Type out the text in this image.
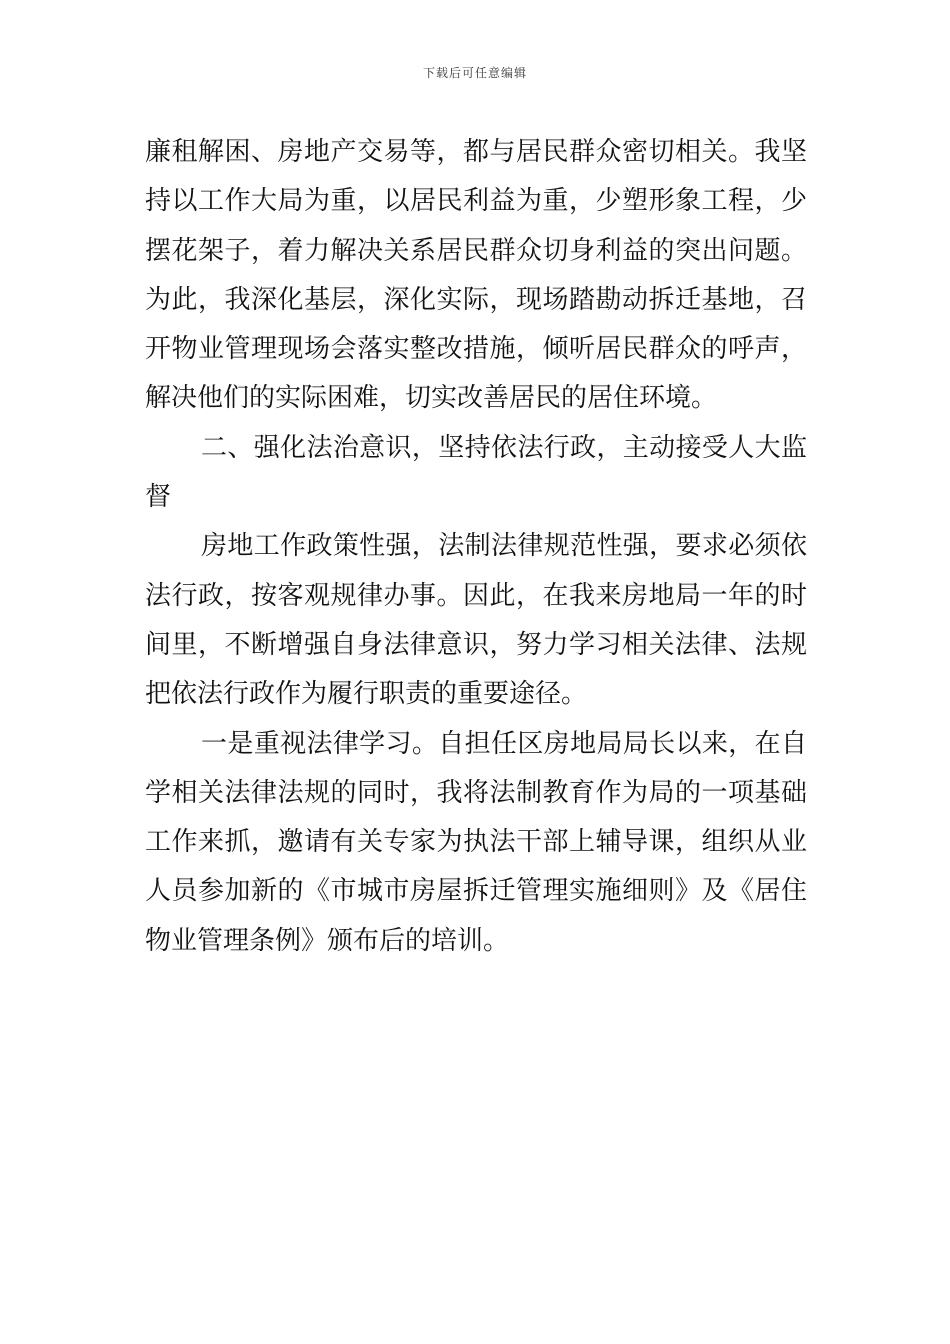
下载后可任意编辑
廉租解困、房地产交易等，都与居民群众密切相关。我坚
持以工作大局为重，以居民利益为重，少塑形象工程，少
摆花架子，着力解决关系居民群众切身利益的突出问题。
为此，我深化基层，深化实际，现场踏勘动拆迁基地，召
开物业管理现场会落实整改措施，倾听居民群众的呼声，
解决他们的实际困难，切实改善居民的居住环境。
二、强化法治意识，坚持依法行政，主动接受人大监
督
房地工作政策性强，法制法律规范性强，要求必须依
法行政，按客观规律办事。因此，在我来房地局一年的时
间里，不断增强自身法律意识，努力学习相关法律、法规
把依法行政作为履行职责的重要途径。
一是重视法律学习。自担任区房地局局长以来，在自
学相关法律法规的同时，我将法制教育作为局的一项基础
工作来抓，邀请有关专家为执法干部上辅导课，组织从业
人员参加新的《市城市房屋拆迁管理实施细则》及《居住
物业管理条例》颁布后的培训。
